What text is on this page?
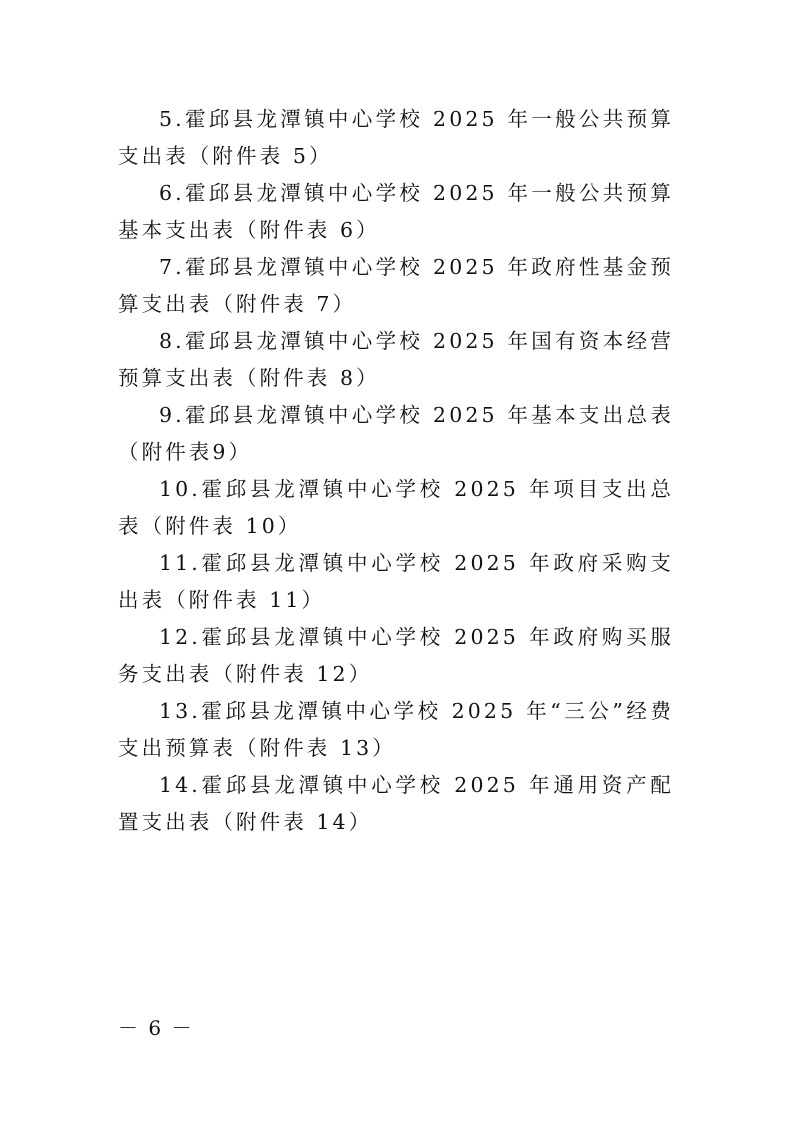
5.霍邱县龙潭镇中心学校 2025 年一般公共预算支出表（附件表 5）

6.霍邱县龙潭镇中心学校 2025 年一般公共预算基本支出表（附件表 6）

7.霍邱县龙潭镇中心学校 2025 年政府性基金预算支出表（附件表 7）

8.霍邱县龙潭镇中心学校 2025 年国有资本经营预算支出表（附件表 8）

9.霍邱县龙潭镇中心学校 2025 年基本支出总表（附件表9）

10.霍邱县龙潭镇中心学校 2025 年项目支出总表（附件表 10）

11.霍邱县龙潭镇中心学校 2025 年政府采购支出表（附件表 11）

12.霍邱县龙潭镇中心学校 2025 年政府购买服务支出表（附件表 12）

13.霍邱县龙潭镇中心学校 2025 年“三公”经费支出预算表（附件表 13）

14.霍邱县龙潭镇中心学校 2025 年通用资产配置支出表（附件表 14）

－ 6 －
